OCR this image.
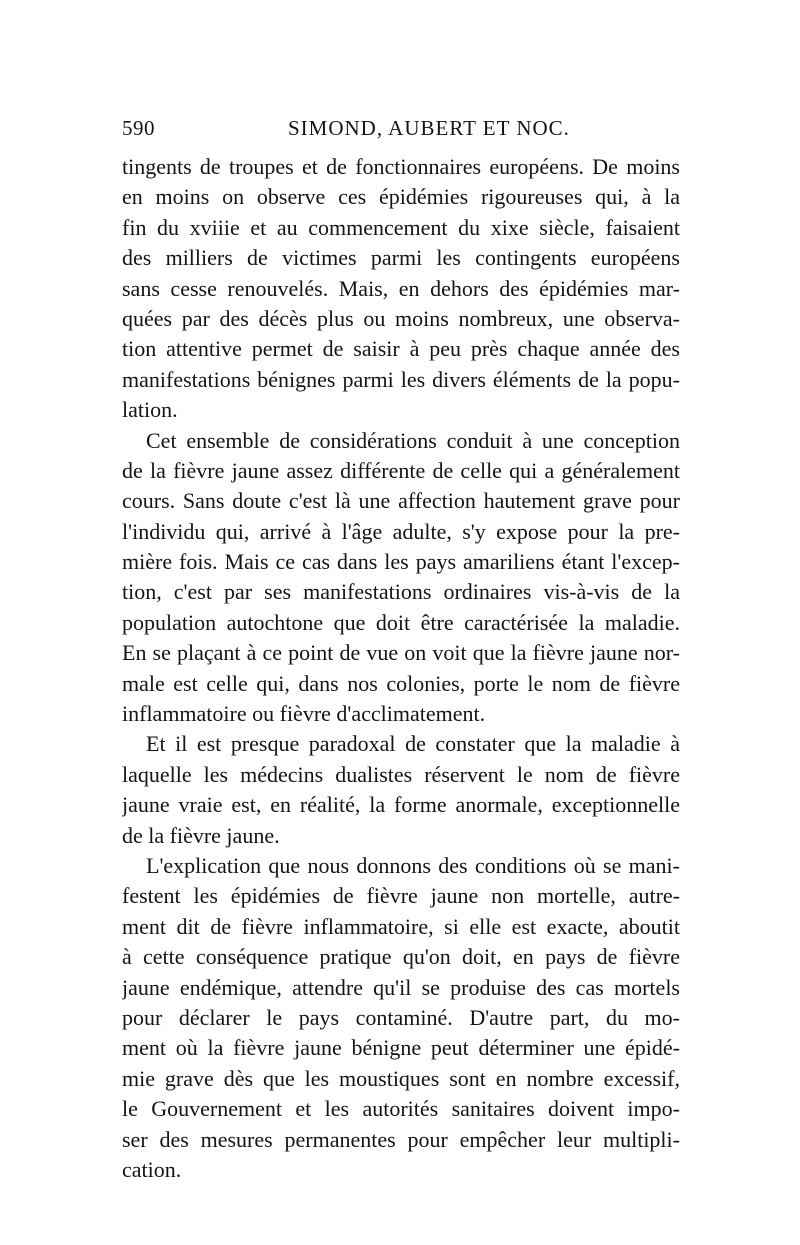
590	SIMOND, AUBERT ET NOC.
tingents de troupes et de fonctionnaires européens. De moins
en moins on observe ces épidémies rigoureuses qui, à la
fin du xviiie et au commencement du xixe siècle, faisaient
des milliers de victimes parmi les contingents européens
sans cesse renouvelés. Mais, en dehors des épidémies mar-
quées par des décès plus ou moins nombreux, une observa-
tion attentive permet de saisir à peu près chaque année des
manifestations bénignes parmi les divers éléments de la popu-
lation.
Cet ensemble de considérations conduit à une conception
de la fièvre jaune assez différente de celle qui a généralement
cours. Sans doute c'est là une affection hautement grave pour
l'individu qui, arrivé à l'âge adulte, s'y expose pour la pre-
mière fois. Mais ce cas dans les pays amariliens étant l'excep-
tion, c'est par ses manifestations ordinaires vis-à-vis de la
population autochtone que doit être caractérisée la maladie.
En se plaçant à ce point de vue on voit que la fièvre jaune nor-
male est celle qui, dans nos colonies, porte le nom de fièvre
inflammatoire ou fièvre d'acclimatement.
Et il est presque paradoxal de constater que la maladie à
laquelle les médecins dualistes réservent le nom de fièvre
jaune vraie est, en réalité, la forme anormale, exceptionnelle
de la fièvre jaune.
L'explication que nous donnons des conditions où se mani-
festent les épidémies de fièvre jaune non mortelle, autre-
ment dit de fièvre inflammatoire, si elle est exacte, aboutit
à cette conséquence pratique qu'on doit, en pays de fièvre
jaune endémique, attendre qu'il se produise des cas mortels
pour déclarer le pays contaminé. D'autre part, du mo-
ment où la fièvre jaune bénigne peut déterminer une épidé-
mie grave dès que les moustiques sont en nombre excessif,
le Gouvernement et les autorités sanitaires doivent impo-
ser des mesures permanentes pour empêcher leur multipli-
cation.
